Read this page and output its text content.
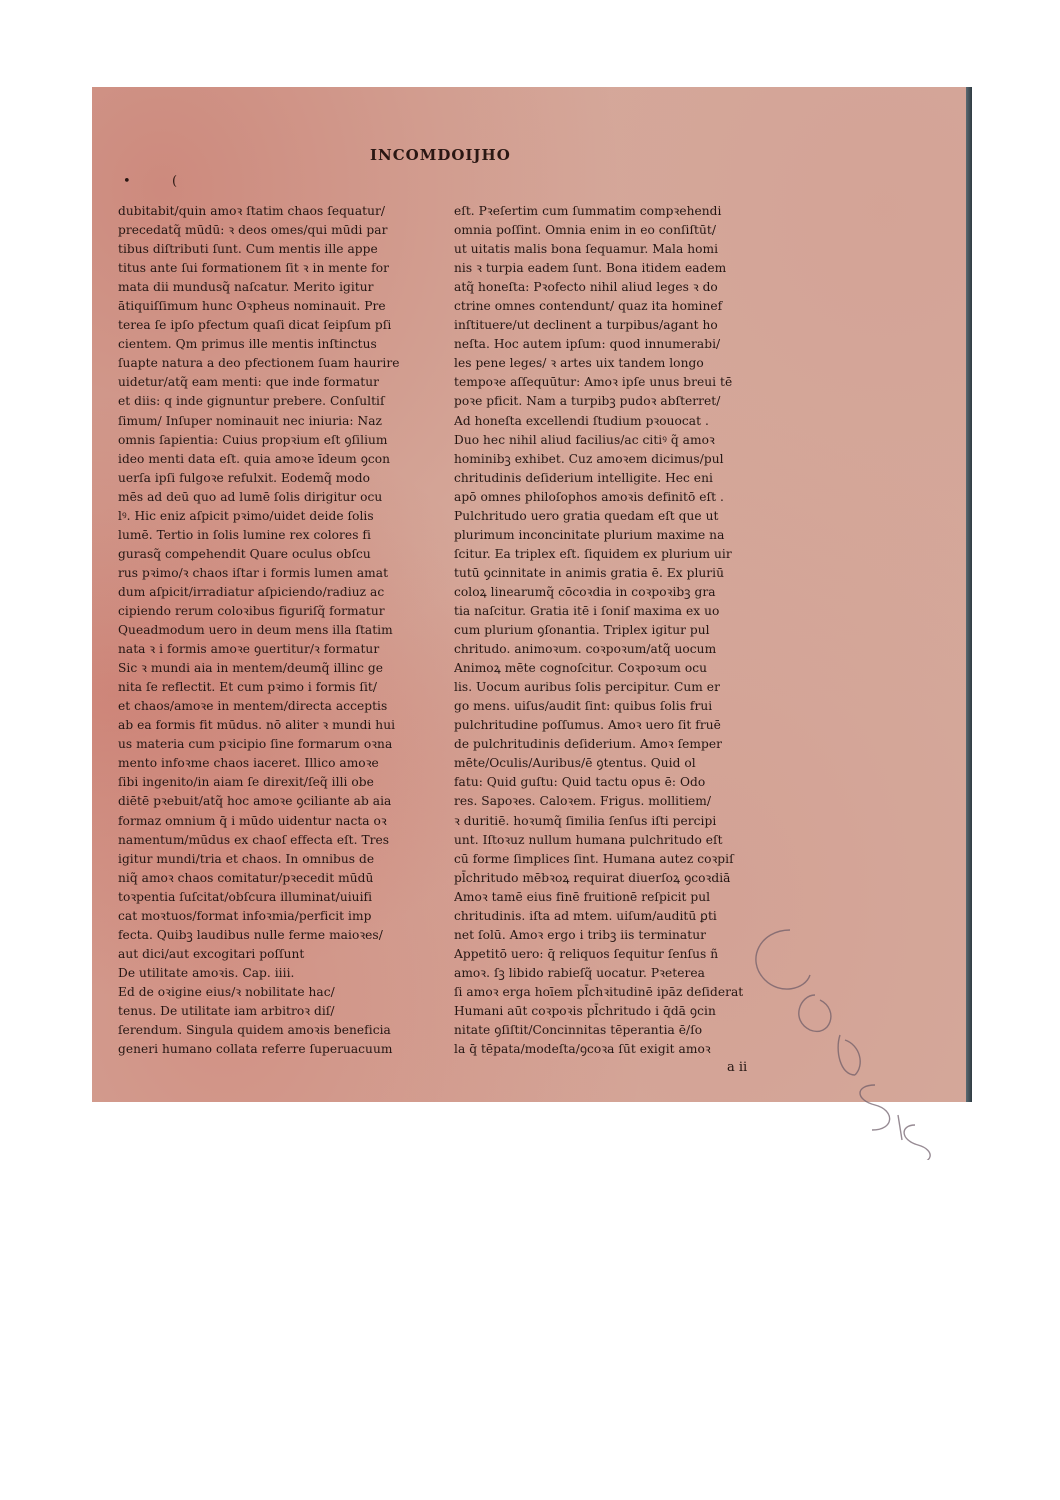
INCOMDOIJHO
•          (
dubitabit/quin amoꝛ ſtatim chaos ſequatur/
precedatq̃ mūdū: ꝛ deos omes/qui mūdi par
tibus diſtributi ſunt. Cum mentis ille appe
titus ante ſui formationem ſit ꝛ in mente for
mata dii mundusq̃ naſcatur. Merito igitur
ātiquiſſimum hunc Oꝛpheus nominauit. Pre
terea ſe ipſo pfectum quaſi dicat ſeipſum pſi
cientem. Qm primus ille mentis inſtinctus
ſuapte natura a deo pfectionem ſuam haurire
uidetur/atq̃ eam menti: que inde formatur
et diis: q inde gignuntur prebere. Conſultiſ
ſimum/ Inſuper nominauit nec iniuria: Naz
omnis ſapientia: Cuius propꝛium eſt ꝯſilium
ideo menti data eſt. quia amoꝛe īdeum ꝯcon
uerſa ipſi fulgoꝛe refulxit. Eodemq̃ modo
mēs ad deū quo ad lumē ſolis dirigitur ocu
lꝰ. Hic eniz aſpicit pꝛimo/uidet deide ſolis
lumē. Tertio in ſolis lumine rex colores fi
gurasq̃ comꝑehendit Quare oculus obſcu
rus pꝛimo/ꝛ chaos iſtar i formis lumen amat
dum aſpicit/irradiatur aſpiciendo/radiuz ac
cipiendo rerum coloꝛibus figuriſq̃ formatur
Queadmodum uero in deum mens illa ſtatim
nata ꝛ i formis amoꝛe ꝯuertitur/ꝛ formatur
Sic ꝛ mundi aia in mentem/deumq̃ illinc ge
nita ſe reflectit. Et cum pꝛimo i formis ſit/
et chaos/amoꝛe in mentem/directa acceptis
ab ea formis fit mūdus. nō aliter ꝛ mundi hui
us materia cum pꝛicipio ſine formarum oꝛna
mento infoꝛme chaos iaceret. Illico amoꝛe
ſibi ingenito/in aiam ſe direxit/ſeq̃ illi obe
diētē pꝛebuit/atq̃ hoc amoꝛe ꝯciliante ab aia
formaz omnium q̄ i mūdo uidentur nacta oꝛ
namentum/mūdus ex chaoſ effecta eſt. Tres
igitur mundi/tria et chaos. In omnibus de
niq̃ amoꝛ chaos comitatur/pꝛecedit mūdū
toꝛpentia ſuſcitat/obſcura illuminat/uiuifi
cat moꝛtuos/format infoꝛmia/perficit imp
fecta. Quibꝫ laudibus nulle ferme maioꝛes/
aut dici/aut excogitari poſſunt
De utilitate amoꝛis. Cap. iiii.
Ed de oꝛigine eius/ꝛ nobilitate hac/
tenus. De utilitate iam arbitroꝛ diſ/
ſerendum. Singula quidem amoꝛis beneficia
generi humano collata referre ſuperuacuum
eſt. Pꝛeſertim cum ſummatim compꝛehendi
omnia poſſint. Omnia enim in eo conſiſtūt/
ut uitatis malis bona ſequamur. Mala homi
nis ꝛ turpia eadem ſunt. Bona itidem eadem
atq̃ honeſta: Pꝛofecto nihil aliud leges ꝛ do
ctrine omnes contendunt/ quaz ita hominef
inſtituere/ut declinent a turpibus/agant ho
neſta. Hoc autem ipſum: quod innumerabi/
les pene leges/ ꝛ artes uix tandem longo
tempoꝛe aſſequūtur: Amoꝛ ipſe unus breui tē
poꝛe pficit. Nam a turpibꝫ pudoꝛ abſterret/
Ad honeſta excellendi ſtudium pꝛouocat .
Duo hec nihil aliud facilius/ac citiꝰ q̃ amoꝛ
hominibꝫ exhibet. Cuz amoꝛem dicimus/pul
chritudinis deſiderium intelligite. Hec eni
apō omnes philoſophos amoꝛis definitō eſt .
Pulchritudo uero gratia quedam eſt que ut
plurimum inconcinitate plurium maxime na
ſcitur. Ea triplex eſt. ſiquidem ex plurium uir
tutū ꝯcinnitate in animis gratia ē. Ex pluriū
coloꝝ linearumq̃ cōcoꝛdia in coꝛpoꝛibꝫ gra
tia naſcitur. Gratia itē i ſoniſ maxima ex uo
cum plurium ꝯſonantia. Triplex igitur pul
chritudo. animoꝛum. coꝛpoꝛum/atq̃ uocum
Animoꝝ mēte cognoſcitur. Coꝛpoꝛum ocu
lis. Uocum auribus ſolis percipitur. Cum er
go mens. uiſus/audit ſint: quibus ſolis frui
pulchritudine poſſumus. Amoꝛ uero ſit fruē
de pulchritudinis deſiderium. Amoꝛ ſemper
mēte/Oculis/Auribus/ē ꝯtentus. Quid ol
fatu: Quid guſtu: Quid tactu opus ē: Odo
res. Sapoꝛes. Caloꝛem. Frigus. mollitiem/
ꝛ duritiē. hoꝛumq̃ ſimilia ſenſus iſti percipi
unt. Iſtoꝛuz nullum humana pulchritudo eſt
cū forme ſimplices ſint. Humana autez coꝛpiſ
pl̄chritudo mēbꝛoꝝ requirat diuerſoꝝ ꝯcoꝛdiā
Amoꝛ tamē eius finē fruitionē reſpicit pul
chritudinis. iſta ad mtem. uiſum/auditū ꝑti
net ſolū. Amoꝛ ergo i tribꝫ iis terminatur
Appetitō uero: q̄ reliquos ſequitur ſenſus ñ
amoꝛ. ſꝫ libido rabieſq̃ uocatur. Pꝛeterea
ſi amoꝛ erga hoīem pl̄chꝛitudinē ipāz deſiderat
Humani aūt coꝛpoꝛis pl̄chritudo i q̄dā ꝯcin
nitate ꝯſiſtit/Concinnitas tēperantia ē/ſo
la q̄ tēpata/modeſta/ꝯcoꝛa ſūt exigit amoꝛ
a ii
